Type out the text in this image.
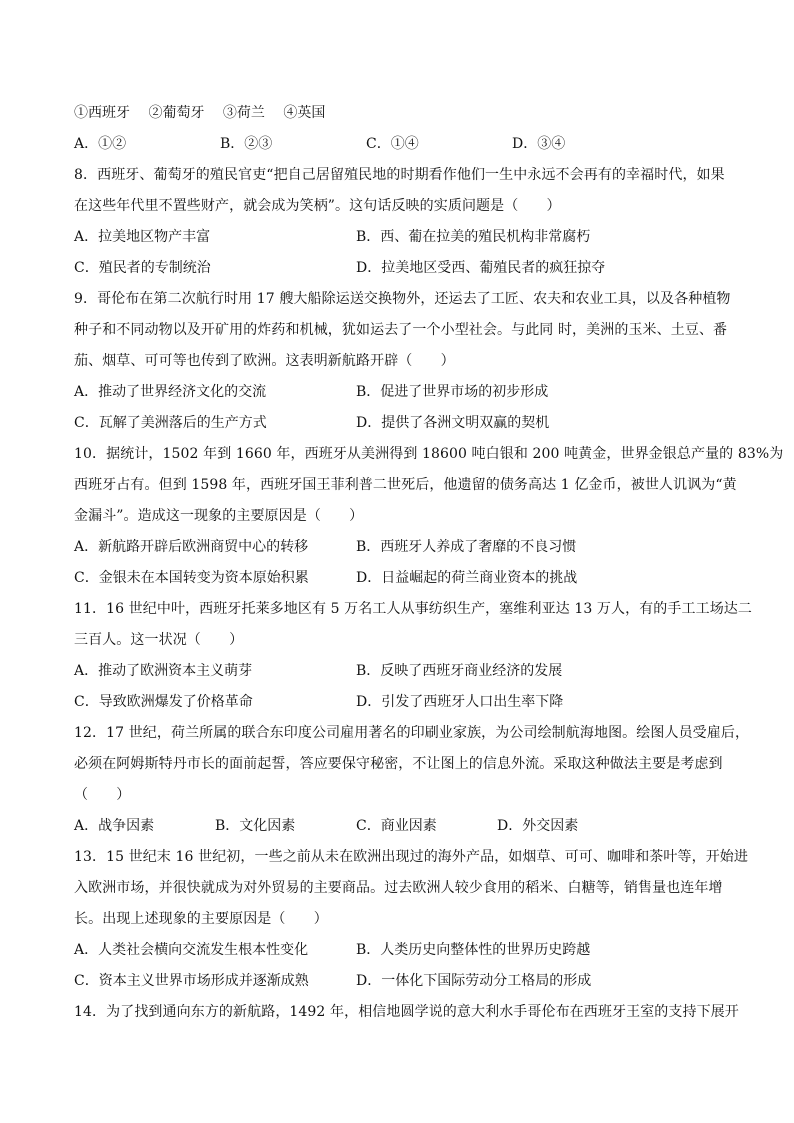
①西班牙 ②葡萄牙 ③荷兰 ④英国
A．①②	B．②③	C．①④	D．③④
8．西班牙、葡萄牙的殖民官吏“把自己居留殖民地的时期看作他们一生中永远不会再有的幸福时代，如果
在这些年代里不置些财产，就会成为笑柄”。这句话反映的实质问题是（　　）
A．拉美地区物产丰富	B．西、葡在拉美的殖民机构非常腐朽
C．殖民者的专制统治	D．拉美地区受西、葡殖民者的疯狂掠夺
9．哥伦布在第二次航行时用 17 艘大船除运送交换物外，还运去了工匠、农夫和农业工具，以及各种植物
种子和不同动物以及开矿用的炸药和机械，犹如运去了一个小型社会。与此同 时，美洲的玉米、土豆、番
茄、烟草、可可等也传到了欧洲。这表明新航路开辟（　　）
A．推动了世界经济文化的交流	B．促进了世界市场的初步形成
C．瓦解了美洲落后的生产方式	D．提供了各洲文明双赢的契机
10．据统计，1502 年到 1660 年，西班牙从美洲得到 18600 吨白银和 200 吨黄金，世界金银总产量的 83%为
西班牙占有。但到 1598 年，西班牙国王菲利普二世死后，他遗留的债务高达 1 亿金币，被世人讥讽为“黄
金漏斗”。造成这一现象的主要原因是（　　）
A．新航路开辟后欧洲商贸中心的转移	B．西班牙人养成了奢靡的不良习惯
C．金银未在本国转变为资本原始积累	D．日益崛起的荷兰商业资本的挑战
11．16 世纪中叶，西班牙托莱多地区有 5 万名工人从事纺织生产，塞维利亚达 13 万人，有的手工工场达二
三百人。这一状况（　　）
A．推动了欧洲资本主义萌芽	B．反映了西班牙商业经济的发展
C．导致欧洲爆发了价格革命	D．引发了西班牙人口出生率下降
12．17 世纪，荷兰所属的联合东印度公司雇用著名的印刷业家族，为公司绘制航海地图。绘图人员受雇后，
必须在阿姆斯特丹市长的面前起誓，答应要保守秘密，不让图上的信息外流。采取这种做法主要是考虑到
（　　）
A．战争因素	B．文化因素	C．商业因素	D．外交因素
13．15 世纪末 16 世纪初，一些之前从未在欧洲出现过的海外产品，如烟草、可可、咖啡和茶叶等，开始进
入欧洲市场，并很快就成为对外贸易的主要商品。过去欧洲人较少食用的稻米、白糖等，销售量也连年增
长。出现上述现象的主要原因是（　　）
A．人类社会横向交流发生根本性变化	B．人类历史向整体性的世界历史跨越
C．资本主义世界市场形成并逐渐成熟	D．一体化下国际劳动分工格局的形成
14．为了找到通向东方的新航路，1492 年，相信地圆学说的意大利水手哥伦布在西班牙王室的支持下展开
